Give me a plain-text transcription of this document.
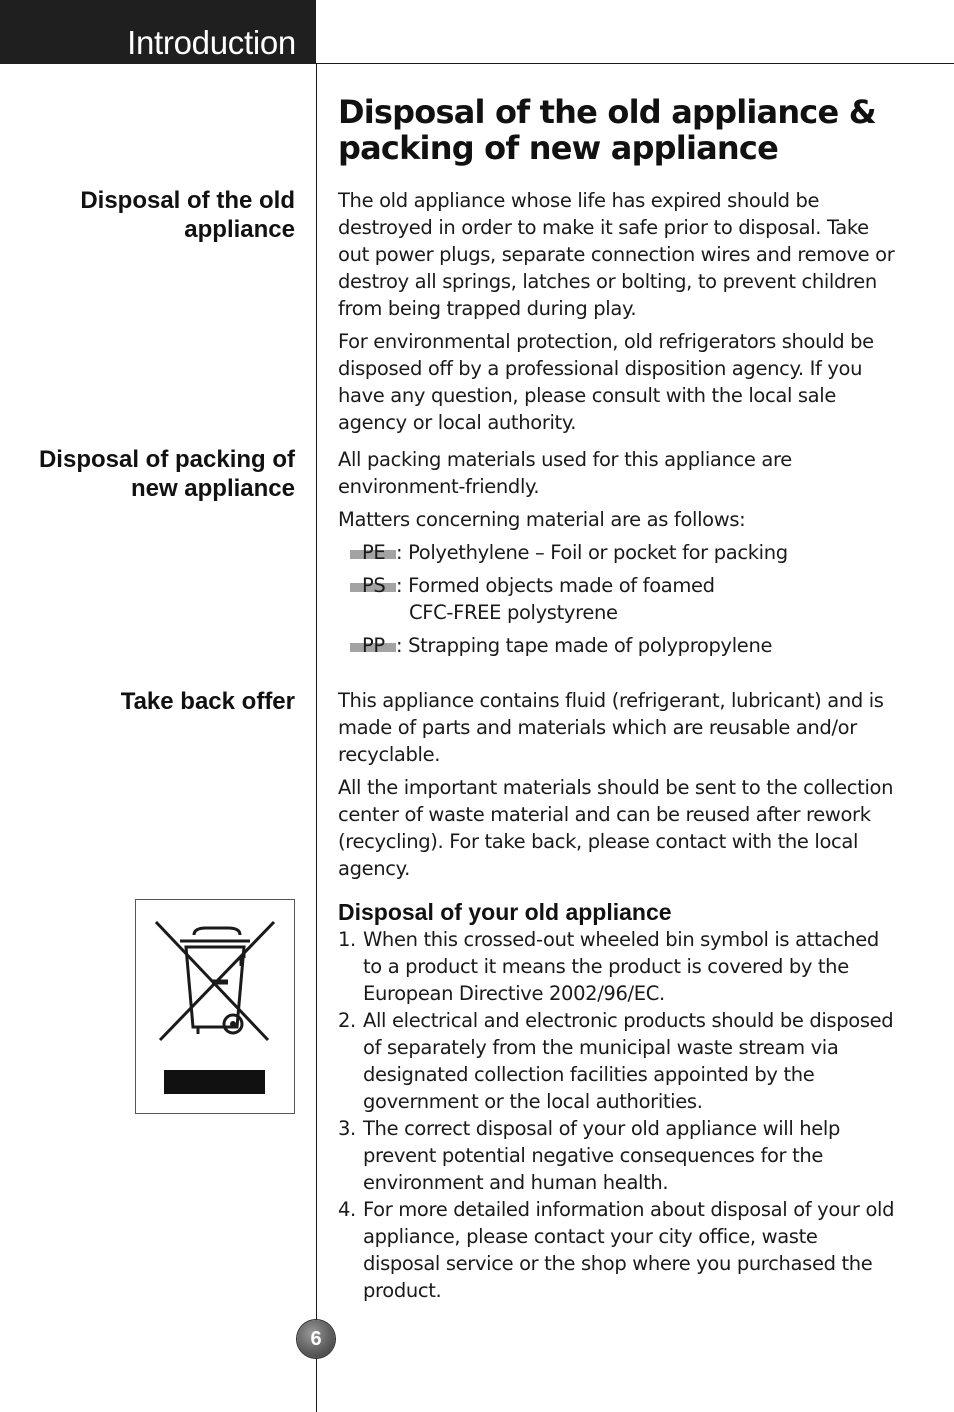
Introduction
Disposal of the old appliance & packing of new appliance
Disposal of the old appliance

The old appliance whose life has expired should be destroyed in order to make it safe prior to disposal. Take out power plugs, separate connection wires and remove or destroy all springs, latches or bolting, to prevent children from being trapped during play.

For environmental protection, old refrigerators should be disposed off by a professional disposition agency. If you have any question, please consult with the local sale agency or local authority.

Disposal of packing of new appliance

All packing materials used for this appliance are environment-friendly.

Matters concerning material are as follows:

PE : Polyethylene – Foil or pocket for packing
PS : Formed objects made of foamed
CFC-FREE polystyrene
PP : Strapping tape made of polypropylene
Take back offer This appliance contains fluid (refrigerant, lubricant) and is made of parts and materials which are reusable and/or recyclable.

All the important materials should be sent to the collection center of waste material and can be reused after rework (recycling). For take back, please contact with the local agency.

Disposal of your old appliance
1. When this crossed-out wheeled bin symbol is attached to a product it means the product is covered by the European Directive 2002/96/EC.
2. All electrical and electronic products should be disposed of separately from the municipal waste stream via designated collection facilities appointed by the government or the local authorities.
3. The correct disposal of your old appliance will help prevent potential negative consequences for the environment and human health.
4. For more detailed information about disposal of your old appliance, please contact your city office, waste disposal service or the shop where you purchased the product.
6
